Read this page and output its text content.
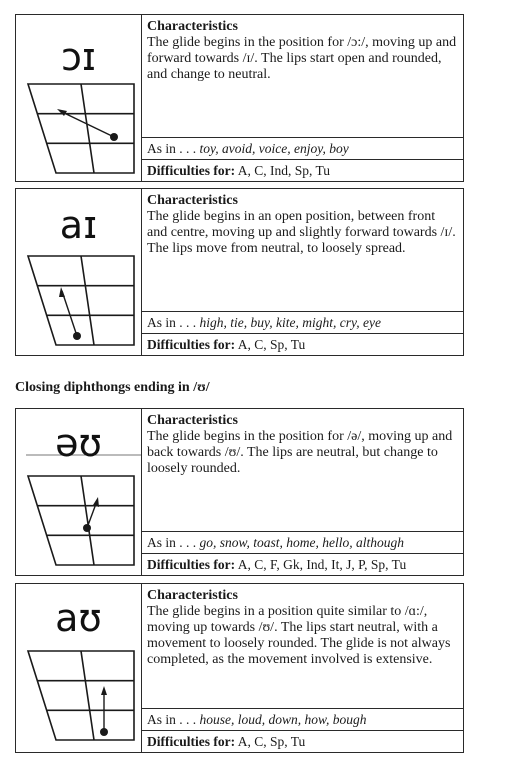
ɔɪ
Characteristics
The glide begins in the position for /ɔ:/, moving up and forward towards /ɪ/. The lips start open and rounded, and change to neutral.
As in . . . toy, avoid, voice, enjoy, boy
Difficulties for: A, C, Ind, Sp, Tu
aɪ
Characteristics
The glide begins in an open position, between front and centre, moving up and slightly forward towards /ɪ/. The lips move from neutral, to loosely spread.
As in . . . high, tie, buy, kite, might, cry, eye
Difficulties for: A, C, Sp, Tu
Closing diphthongs ending in /ʊ/
əʊ
Characteristics
The glide begins in the position for /ə/, moving up and back towards /ʊ/. The lips are neutral, but change to loosely rounded.
As in . . . go, snow, toast, home, hello, although
Difficulties for: A, C, F, Gk, Ind, It, J, P, Sp, Tu
aʊ
Characteristics
The glide begins in a position quite similar to /ɑ:/, moving up towards /ʊ/. The lips start neutral, with a movement to loosely rounded. The glide is not always completed, as the movement involved is extensive.
As in . . . house, loud, down, how, bough
Difficulties for: A, C, Sp, Tu
